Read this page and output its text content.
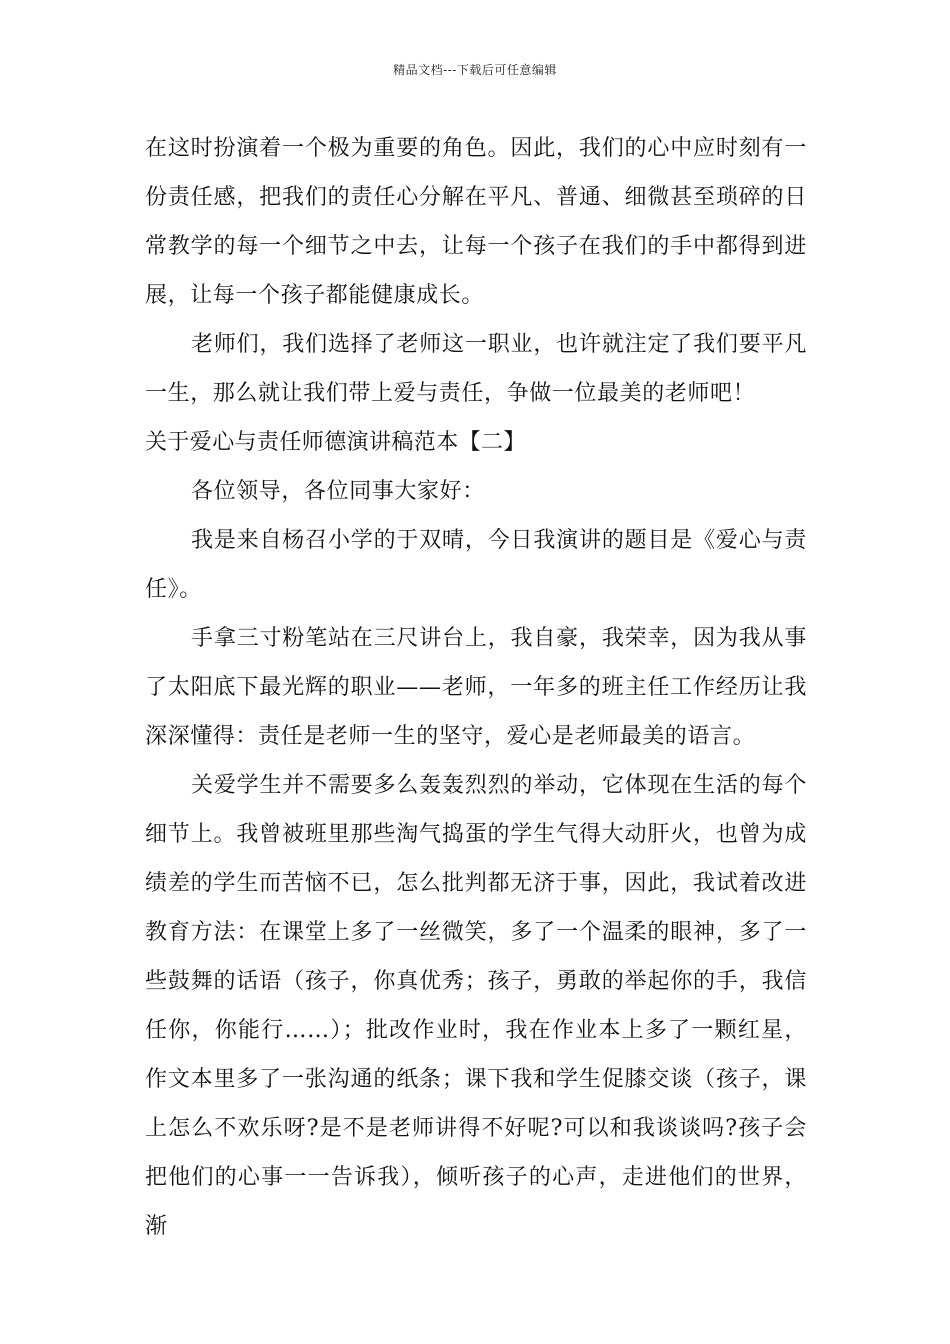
精品文档---下载后可任意编辑

在这时扮演着一个极为重要的角色。因此，我们的心中应时刻有一份责任感，把我们的责任心分解在平凡、普通、细微甚至琐碎的日常教学的每一个细节之中去，让每一个孩子在我们的手中都得到进展，让每一个孩子都能健康成长。

老师们，我们选择了老师这一职业，也许就注定了我们要平凡一生，那么就让我们带上爱与责任，争做一位最美的老师吧！

关于爱心与责任师德演讲稿范本【二】

各位领导，各位同事大家好：

我是来自杨召小学的于双晴，今日我演讲的题目是《爱心与责任》。

手拿三寸粉笔站在三尺讲台上，我自豪，我荣幸，因为我从事了太阳底下最光辉的职业——老师，一年多的班主任工作经历让我深深懂得：责任是老师一生的坚守，爱心是老师最美的语言。

关爱学生并不需要多么轰轰烈烈的举动，它体现在生活的每个细节上。我曾被班里那些淘气捣蛋的学生气得大动肝火，也曾为成绩差的学生而苦恼不已，怎么批判都无济于事，因此，我试着改进教育方法：在课堂上多了一丝微笑，多了一个温柔的眼神，多了一些鼓舞的话语（孩子，你真优秀；孩子，勇敢的举起你的手，我信任你，你能行……）；批改作业时，我在作业本上多了一颗红星，作文本里多了一张沟通的纸条；课下我和学生促膝交谈（孩子，课上怎么不欢乐呀?是不是老师讲得不好呢?可以和我谈谈吗?孩子会把他们的心事一一告诉我），倾听孩子的心声，走进他们的世界，渐
